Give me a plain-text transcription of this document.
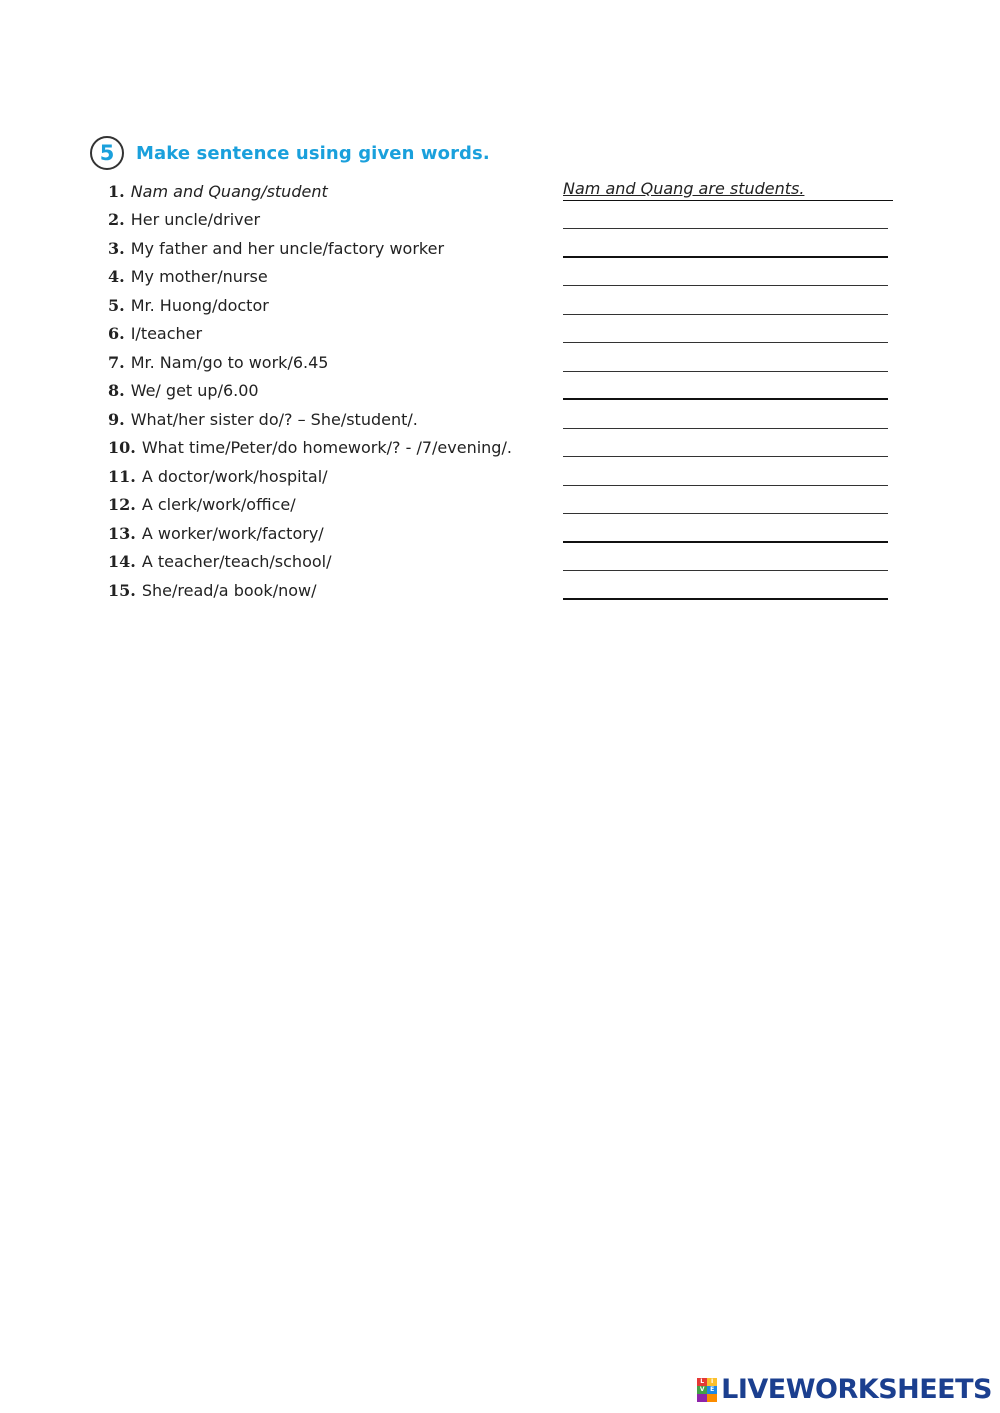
5	Make sentence using given words.
1. Nam and Quang/student	Nam and Quang are students.
2. Her uncle/driver
3. My father and her uncle/factory worker
4. My mother/nurse
5. Mr. Huong/doctor
6. I/teacher
7. Mr. Nam/go to work/6.45
8. We/ get up/6.00
9. What/her sister do/? – She/student/.
10. What time/Peter/do homework/? - /7/evening/.
11. A doctor/work/hospital/
12. A clerk/work/office/
13. A worker/work/factory/
14. A teacher/teach/school/
15. She/read/a book/now/
L	I
V E LIVEWORKSHEETS
